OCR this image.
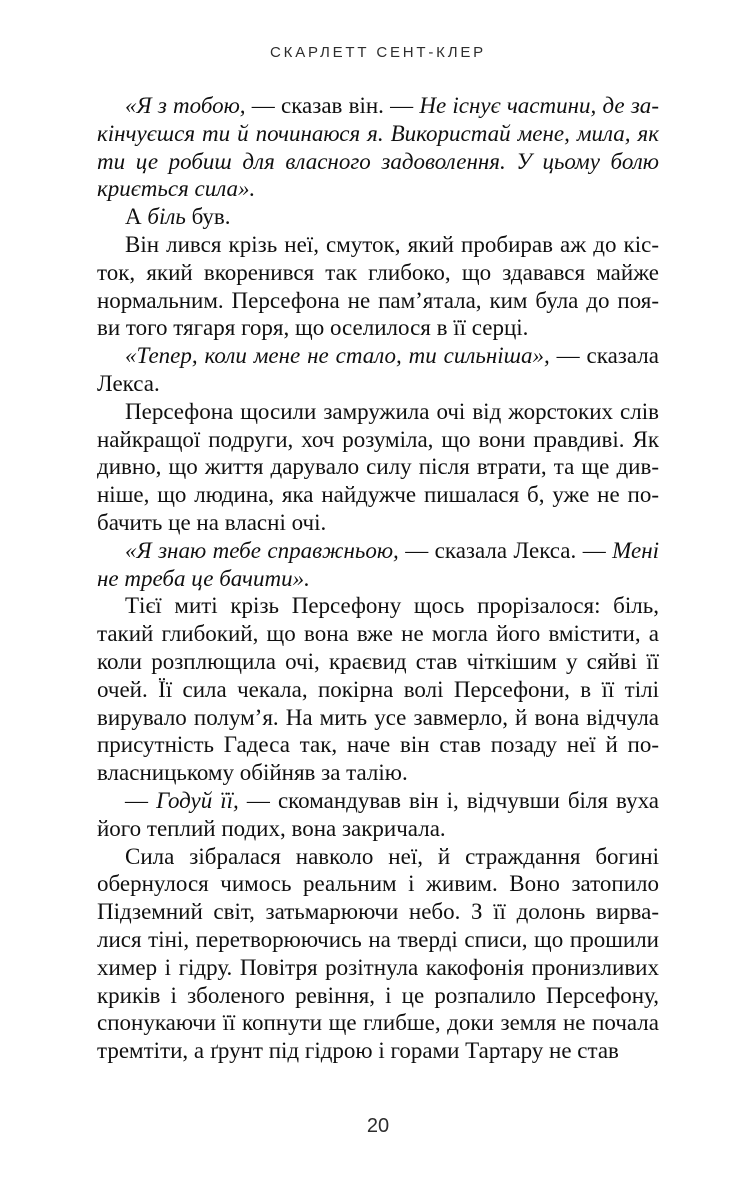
СКАРЛЕТТ СЕНТ-КЛЕР

«Я з тобою, — сказав він. — Не існує частини, де закінчуєшся ти й починаюся я. Використай мене, мила, як ти це робиш для власного задоволення. У цьому болю криється сила».

А біль був.

Він лився крізь неї, смуток, який пробирав аж до кісток, який вкоренився так глибоко, що здавався майже нормальним. Персефона не пам’ятала, ким була до появи того тягаря горя, що оселилося в її серці.

«Тепер, коли мене не стало, ти сильніша», — сказала Лекса.

Персефона щосили замружила очі від жорстоких слів найкращої подруги, хоч розуміла, що вони правдиві. Як дивно, що життя дарувало силу після втрати, та ще дивніше, що людина, яка найдужче пишалася б, уже не побачить це на власні очі.

«Я знаю тебе справжньою, — сказала Лекса. — Мені не треба це бачити».

Тієї миті крізь Персефону щось прорізалося: біль, такий глибокий, що вона вже не могла його вмістити, а коли розплющила очі, краєвид став чіткішим у сяйві її очей. Її сила чекала, покірна волі Персефони, в її тілі вирувало полум’я. На мить усе завмерло, й вона відчула присутність Гадеса так, наче він став позаду неї й по-власницькому обійняв за талію.

— Годуй її, — скомандував він і, відчувши біля вуха його теплий подих, вона закричала.

Сила зібралася навколо неї, й страждання богині обернулося чимось реальним і живим. Воно затопило Підземний світ, затьмарюючи небо. З її долонь вирвалися тіні, перетворюючись на тверді списи, що прошили химер і гідру. Повітря розітнула какофонія пронизливих криків і зболеного ревіння, і це розпалило Персефону, спонукаючи її копнути ще глибше, доки земля не почала тремтіти, а ґрунт під гідрою і горами Тартару не став

20
